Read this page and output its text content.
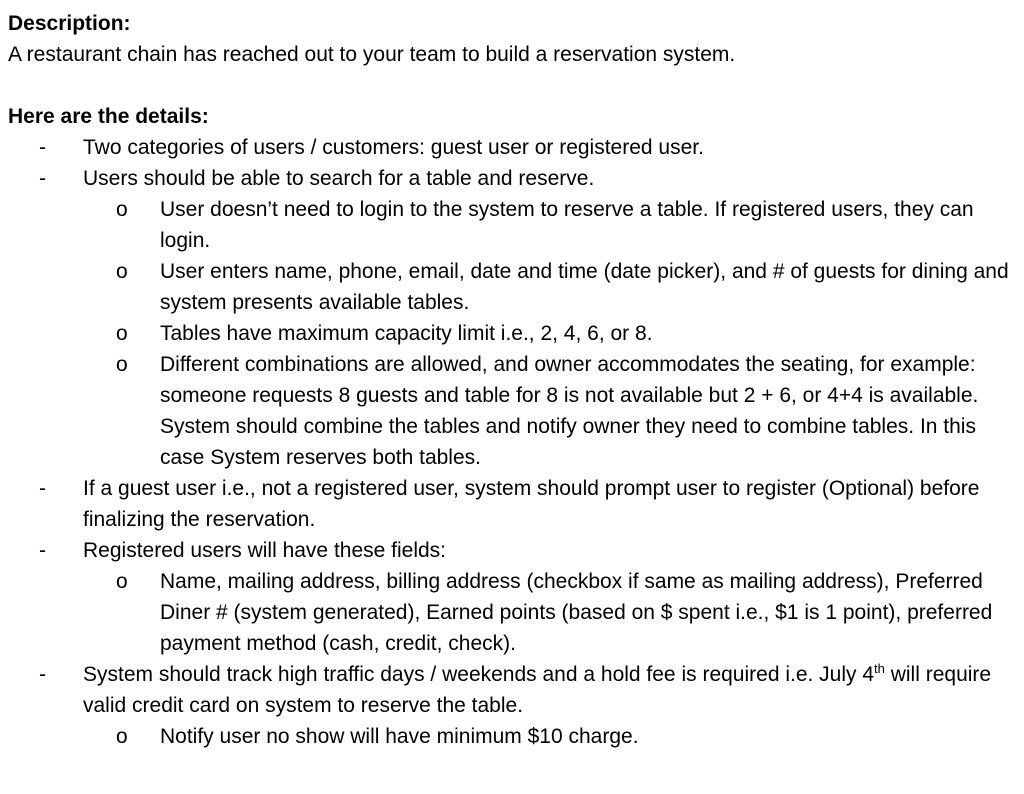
Description:

A restaurant chain has reached out to your team to build a reservation system.

Here are the details:

- Two categories of users / customers: guest user or registered user.
- Users should be able to search for a table and reserve.
o User doesn’t need to login to the system to reserve a table. If registered users, they can login.
o User enters name, phone, email, date and time (date picker), and # of guests for dining and system presents available tables.
o Tables have maximum capacity limit i.e., 2, 4, 6, or 8.
o Different combinations are allowed, and owner accommodates the seating, for example: someone requests 8 guests and table for 8 is not available but 2 + 6, or 4+4 is available. System should combine the tables and notify owner they need to combine tables. In this case System reserves both tables.
- If a guest user i.e., not a registered user, system should prompt user to register (Optional) before finalizing the reservation.
- Registered users will have these fields:
o Name, mailing address, billing address (checkbox if same as mailing address), Preferred Diner # (system generated), Earned points (based on $ spent i.e., $1 is 1 point), preferred payment method (cash, credit, check).
- System should track high traffic days / weekends and a hold fee is required i.e. July 4th will require valid credit card on system to reserve the table.
o Notify user no show will have minimum $10 charge.
